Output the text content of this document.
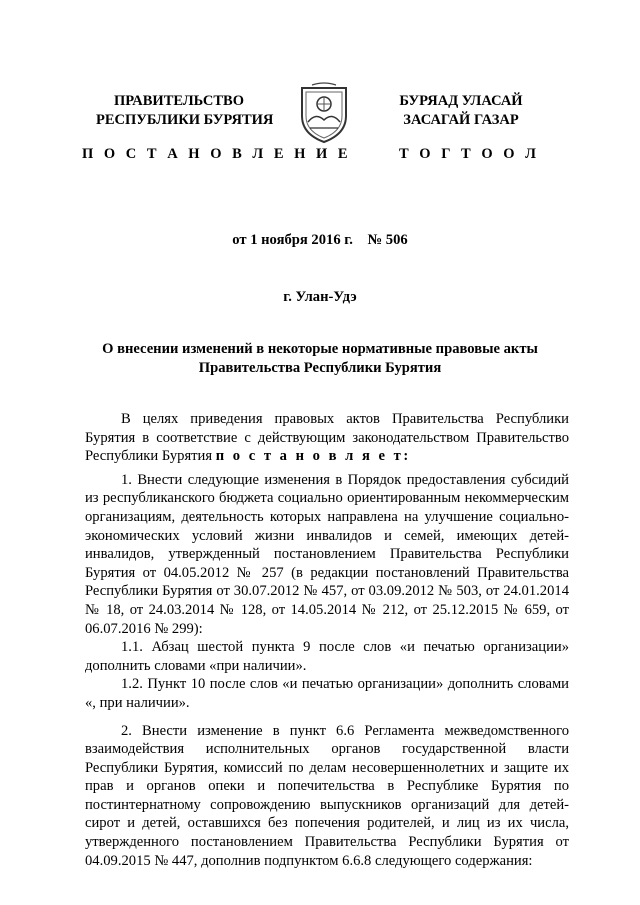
ПРАВИТЕЛЬСТВО
РЕСПУБЛИКИ БУРЯТИЯ
П О С Т А Н О В Л Е Н И Е
БУРЯАД УЛАСАЙ
ЗАСАГАЙ ГАЗАР
Т О Г Т О О Л
от 1 ноября 2016 г.    № 506
г. Улан-Удэ
О внесении изменений в некоторые нормативные правовые акты
Правительства Республики Бурятия

В целях приведения правовых актов Правительства Республики Бурятия в соответствие с действующим законодательством Правительство Республики Бурятия п о с т а н о в л я е т:

1. Внести следующие изменения в Порядок предоставления субсидий из республиканского бюджета социально ориентированным некоммерческим организациям, деятельность которых направлена на улучшение социально-экономических условий жизни инвалидов и семей, имеющих детей-инвалидов, утвержденный постановлением Правительства Республики Бурятия от 04.05.2012 № 257 (в редакции постановлений Правительства Республики Бурятия от 30.07.2012 № 457, от 03.09.2012 № 503, от 24.01.2014 № 18, от 24.03.2014 № 128, от 14.05.2014 № 212, от 25.12.2015 № 659, от 06.07.2016 № 299):

1.1. Абзац шестой пункта 9 после слов «и печатью организации» дополнить словами «при наличии».

1.2. Пункт 10 после слов «и печатью организации» дополнить словами «, при наличии».

2. Внести изменение в пункт 6.6 Регламента межведомственного взаимодействия исполнительных органов государственной власти Республики Бурятия, комиссий по делам несовершеннолетних и защите их прав и органов опеки и попечительства в Республике Бурятия по постинтернатному сопровождению выпускников организаций для детей-сирот и детей, оставшихся без попечения родителей, и лиц из их числа, утвержденного постановлением Правительства Республики Бурятия от 04.09.2015 № 447, дополнив подпунктом 6.6.8 следующего содержания:
